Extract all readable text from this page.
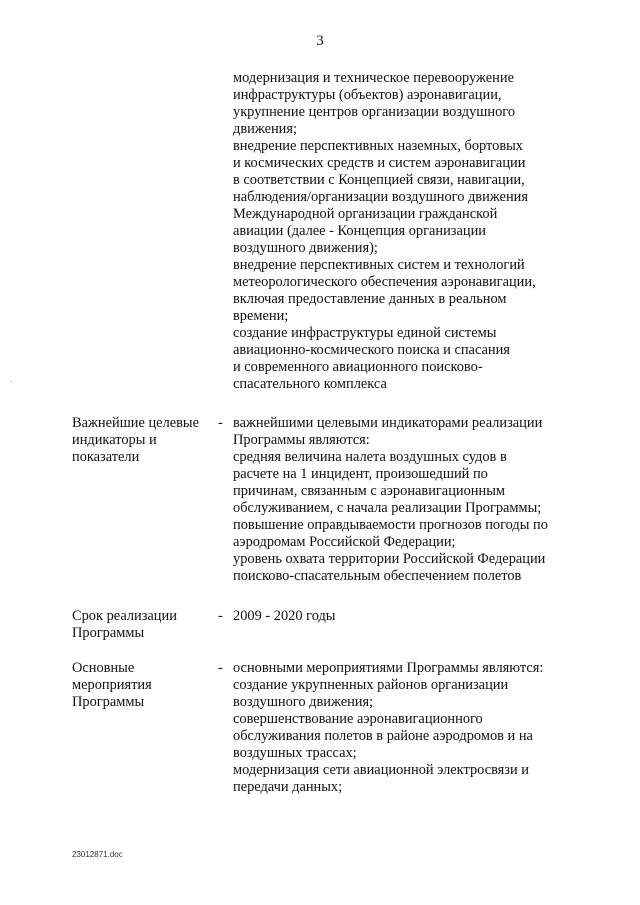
3
модернизация и техническое перевооружение
инфраструктуры (объектов) аэронавигации,
укрупнение центров организации воздушного
движения;
внедрение перспективных наземных, бортовых
и космических средств и систем аэронавигации
в соответствии с Концепцией связи, навигации,
наблюдения/организации воздушного движения
Международной организации гражданской
авиации (далее - Концепция организации
воздушного движения);
внедрение перспективных систем и технологий
метеорологического обеспечения аэронавигации,
включая предоставление данных в реальном
времени;
создание инфраструктуры единой системы
авиационно-космического поиска и спасания
и современного авиационного поисково-
спасательного комплекса
Важнейшие целевые
индикаторы и
показатели
- важнейшими целевыми индикаторами реализации
Программы являются:
средняя величина налета воздушных судов в
расчете на 1 инцидент, произошедший по
причинам, связанным с аэронавигационным
обслуживанием, с начала реализации Программы;
повышение оправдываемости прогнозов погоды по
аэродромам Российской Федерации;
уровень охвата территории Российской Федерации
поисково-спасательным обеспечением полетов
Срок реализации
Программы
- 2009 - 2020 годы
Основные
мероприятия
Программы
- основными мероприятиями Программы являются:
создание укрупненных районов организации
воздушного движения;
совершенствование аэронавигационного
обслуживания полетов в районе аэродромов и на
воздушных трассах;
модернизация сети авиационной электросвязи и
передачи данных;
23012871.doc
